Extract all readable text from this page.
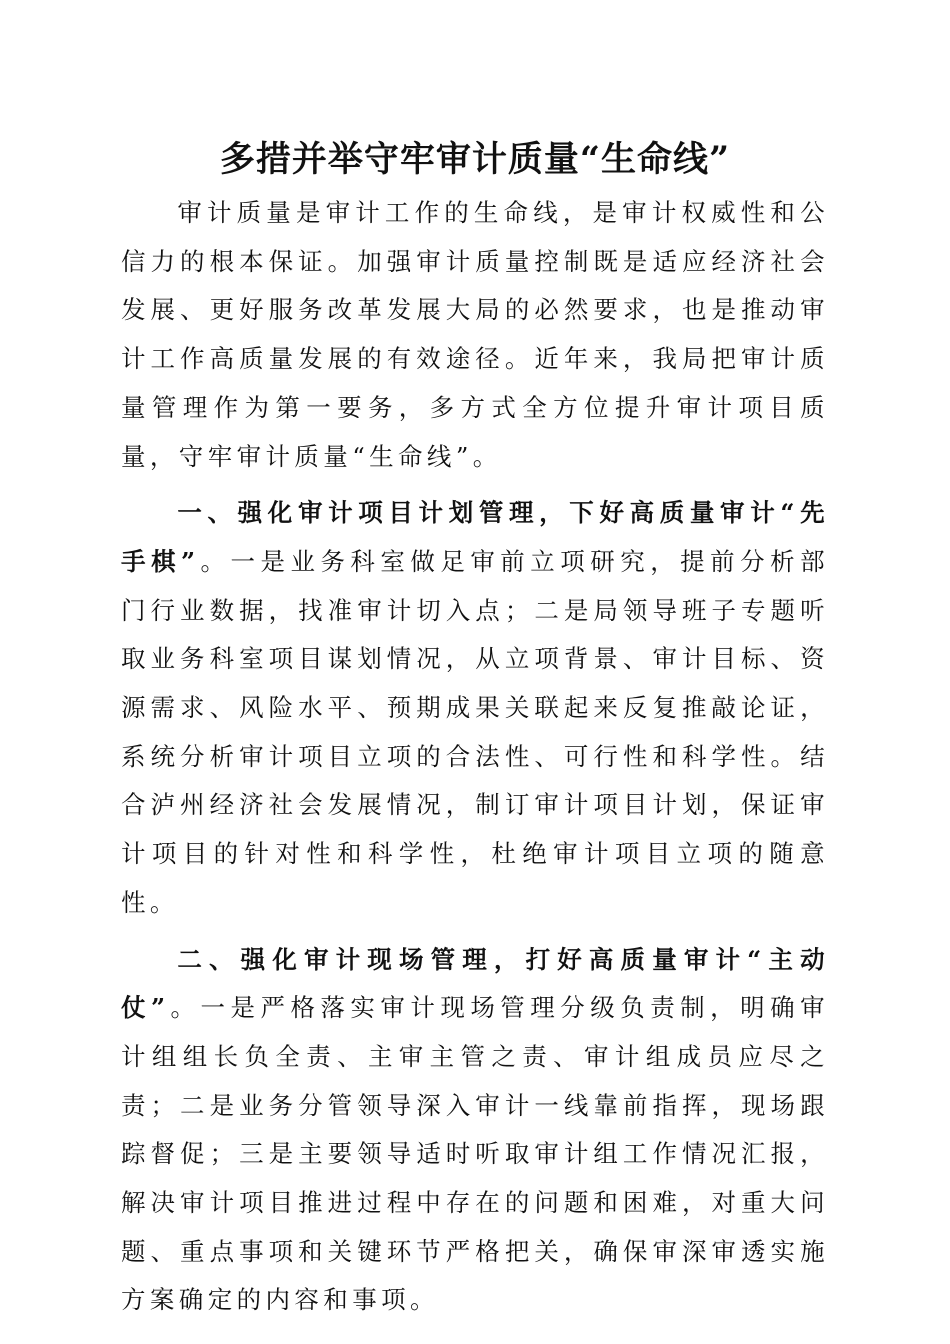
多措并举守牢审计质量“生命线”

审计质量是审计工作的生命线，是审计权威性和公信力的根本保证。加强审计质量控制既是适应经济社会发展、更好服务改革发展大局的必然要求，也是推动审计工作高质量发展的有效途径。近年来，我局把审计质量管理作为第一要务，多方式全方位提升审计项目质量，守牢审计质量“生命线”。

一、强化审计项目计划管理，下好高质量审计“先手棋”。一是业务科室做足审前立项研究，提前分析部门行业数据，找准审计切入点；二是局领导班子专题听取业务科室项目谋划情况，从立项背景、审计目标、资源需求、风险水平、预期成果关联起来反复推敲论证，系统分析审计项目立项的合法性、可行性和科学性。结合泸州经济社会发展情况，制订审计项目计划，保证审计项目的针对性和科学性，杜绝审计项目立项的随意性。

二、强化审计现场管理，打好高质量审计“主动仗”。一是严格落实审计现场管理分级负责制，明确审计组组长负全责、主审主管之责、审计组成员应尽之责；二是业务分管领导深入审计一线靠前指挥，现场跟踪督促；三是主要领导适时听取审计组工作情况汇报，解决审计项目推进过程中存在的问题和困难，对重大问题、重点事项和关键环节严格把关，确保审深审透实施方案确定的内容和事项。
